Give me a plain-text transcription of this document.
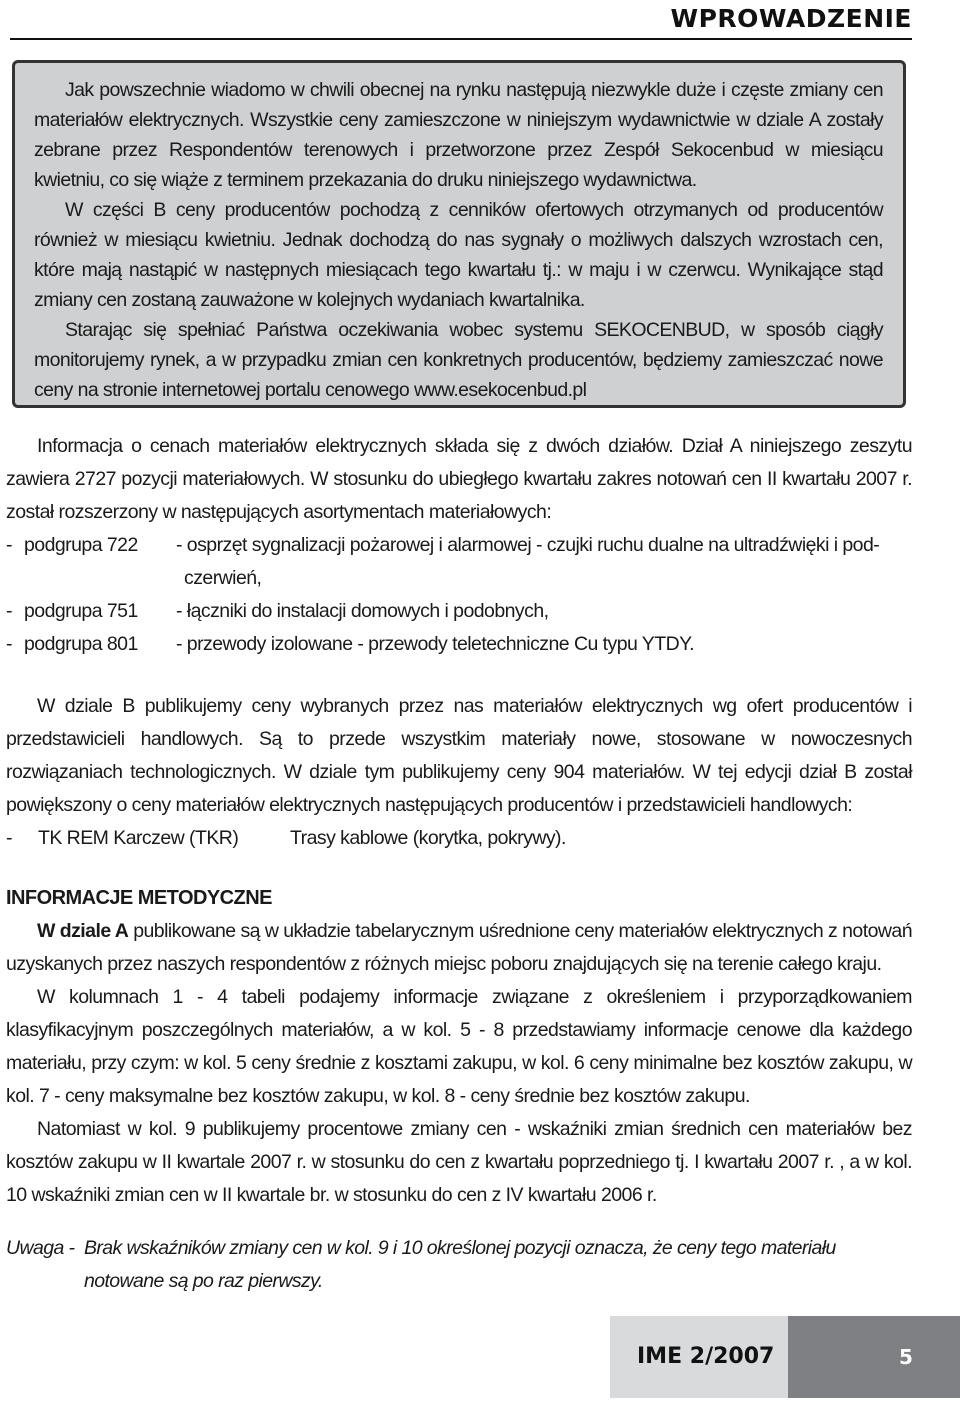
WPROWADZENIE

Jak powszechnie wiadomo w chwili obecnej na rynku następują niezwykle duże i częste zmiany cen materiałów elektrycznych. Wszystkie ceny zamieszczone w niniejszym wydawnictwie w dziale A zostały zebrane przez Respondentów terenowych i przetworzone przez Zespół Sekocenbud w miesiącu kwietniu, co się wiąże z terminem przekazania do druku niniejszego wydawnictwa.

W części B ceny producentów pochodzą z cenników ofertowych otrzymanych od producentów również w miesiącu kwietniu. Jednak dochodzą do nas sygnały o możliwych dalszych wzrostach cen, które mają nastąpić w następnych miesiącach tego kwartału tj.: w maju i w czerwcu. Wynikające stąd zmiany cen zostaną zauważone w kolejnych wydaniach kwartalnika.

Starając się spełniać Państwa oczekiwania wobec systemu SEKOCENBUD, w sposób ciągły monitorujemy rynek, a w przypadku zmian cen konkretnych producentów, będziemy zamieszczać nowe ceny na stronie internetowej portalu cenowego www.esekocenbud.pl

Informacja o cenach materiałów elektrycznych składa się z dwóch działów. Dział A niniejszego zeszytu zawiera 2727 pozycji materiałowych. W stosunku do ubiegłego kwartału zakres notowań cen II kwartału 2007 r. został rozszerzony w następujących asortymentach materiałowych:

- podgrupa 722	- osprzęt sygnalizacji pożarowej i alarmowej - czujki ruchu dualne na ultradźwięki i pod-
czerwień,
- podgrupa 751	- łączniki do instalacji domowych i podobnych,
- podgrupa 801	- przewody izolowane - przewody teletechniczne Cu typu YTDY.

W dziale B publikujemy ceny wybranych przez nas materiałów elektrycznych wg ofert producentów i przedstawicieli handlowych. Są to przede wszystkim materiały nowe, stosowane w nowoczesnych rozwiązaniach technologicznych. W dziale tym publikujemy ceny 904 materiałów. W tej edycji dział B został powiększony o ceny materiałów elektrycznych następujących producentów i przedstawicieli handlowych:

-	TK REM Karczew (TKR)	Trasy kablowe (korytka, pokrywy).
INFORMACJE METODYCZNE

W dziale A publikowane są w układzie tabelarycznym uśrednione ceny materiałów elektrycznych z notowań uzyskanych przez naszych respondentów z różnych miejsc poboru znajdujących się na terenie całego kraju.

W kolumnach 1 - 4 tabeli podajemy informacje związane z określeniem i przyporządkowaniem klasyfikacyjnym poszczególnych materiałów, a w kol. 5 - 8 przedstawiamy informacje cenowe dla każdego materiału, przy czym: w kol. 5 ceny średnie z kosztami zakupu, w kol. 6 ceny minimalne bez kosztów zakupu, w kol. 7 - ceny maksymalne bez kosztów zakupu, w kol. 8 - ceny średnie bez kosztów zakupu.

Natomiast w kol. 9 publikujemy procentowe zmiany cen - wskaźniki zmian średnich cen materiałów bez kosztów zakupu w II kwartale 2007 r. w stosunku do cen z kwartału poprzedniego tj. I kwartału 2007 r. , a w kol. 10 wskaźniki zmian cen w II kwartale br. w stosunku do cen z IV kwartału 2006 r.

Uwaga - Brak wskaźników zmiany cen w kol. 9 i 10 określonej pozycji oznacza, że ceny tego materiału notowane są po raz pierwszy.
IME 2/2007	5
